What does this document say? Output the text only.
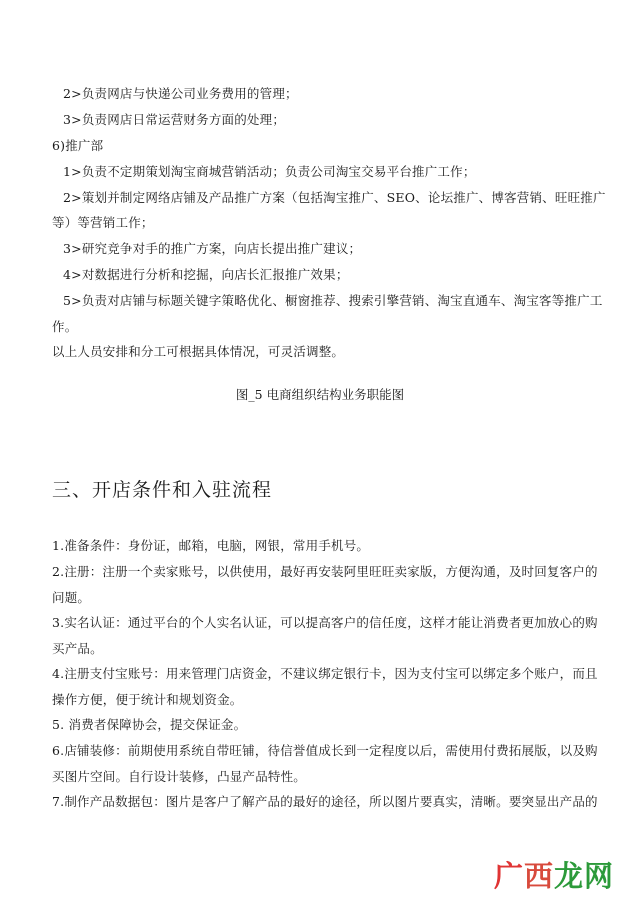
2>负责网店与快递公司业务费用的管理；
3>负责网店日常运营财务方面的处理；
6)推广部
1>负责不定期策划淘宝商城营销活动；负责公司淘宝交易平台推广工作；
2>策划并制定网络店铺及产品推广方案（包括淘宝推广、SEO、论坛推广、博客营销、旺旺推广
等）等营销工作；
3>研究竞争对手的推广方案，向店长提出推广建议；
4>对数据进行分析和挖掘，向店长汇报推广效果；
5>负责对店铺与标题关键字策略优化、橱窗推荐、搜索引擎营销、淘宝直通车、淘宝客等推广工
作。
以上人员安排和分工可根据具体情况，可灵活调整。
图_5 电商组织结构业务职能图
三、开店条件和入驻流程
1.准备条件：身份证，邮箱，电脑，网银，常用手机号。
2.注册：注册一个卖家账号，以供使用，最好再安装阿里旺旺卖家版，方便沟通，及时回复客户的
问题。
3.实名认证：通过平台的个人实名认证，可以提高客户的信任度，这样才能让消费者更加放心的购
买产品。
4.注册支付宝账号：用来管理门店资金，不建议绑定银行卡，因为支付宝可以绑定多个账户，而且
操作方便，便于统计和规划资金。
5. 消费者保障协会，提交保证金。
6.店铺装修：前期使用系统自带旺铺，待信誉值成长到一定程度以后，需使用付费拓展版，以及购
买图片空间。自行设计装修，凸显产品特性。
7.制作产品数据包：图片是客户了解产品的最好的途径，所以图片要真实，清晰。要突显出产品的
广西龙网
